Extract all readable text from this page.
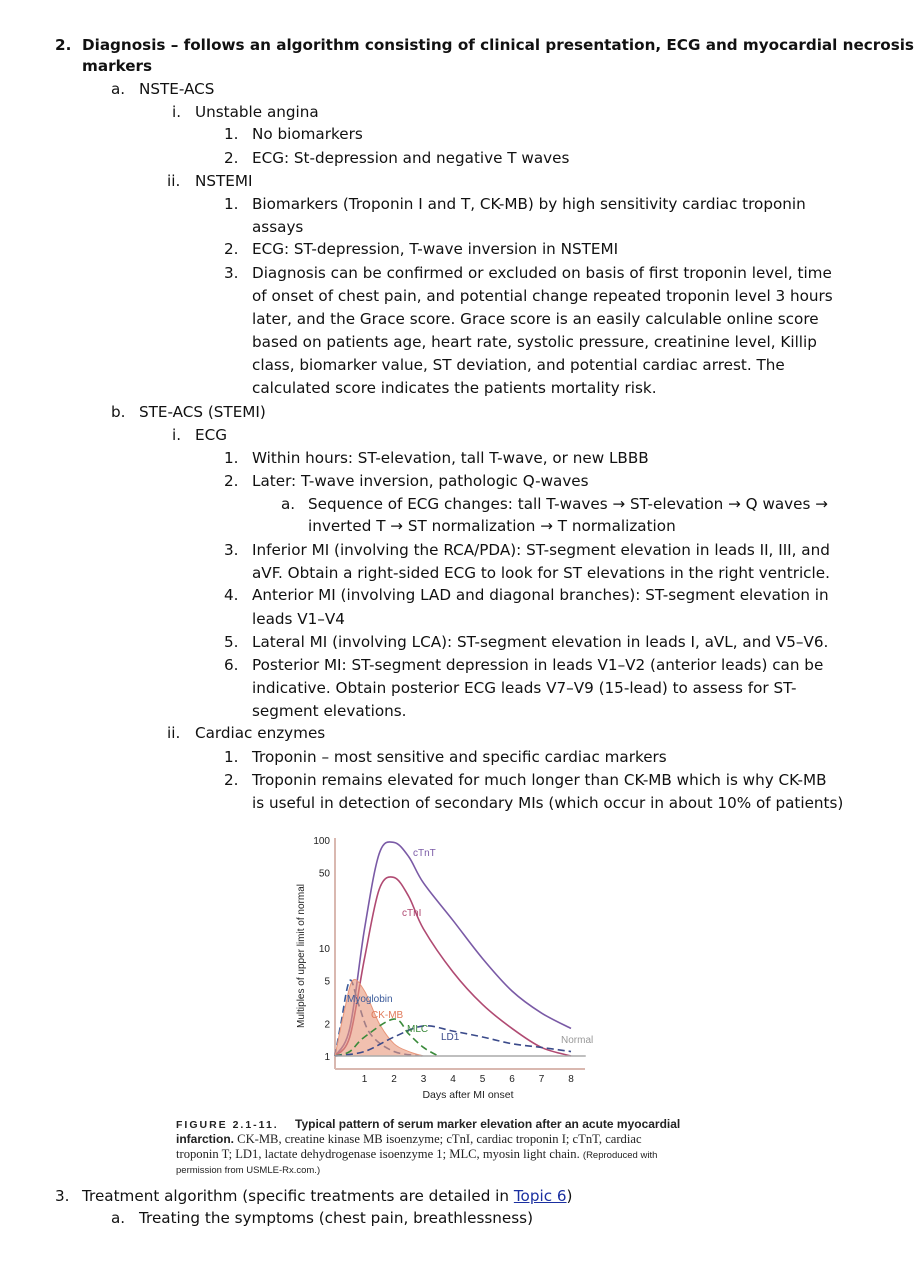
2. Diagnosis – follows an algorithm consisting of clinical presentation, ECG and myocardial necrosis
markers
a. NSTE-ACS
i. Unstable angina
1. No biomarkers
2. ECG: St-depression and negative T waves
ii. NSTEMI
1. Biomarkers (Troponin I and T, CK-MB) by high sensitivity cardiac troponin
assays
2. ECG: ST-depression, T-wave inversion in NSTEMI
3. Diagnosis can be confirmed or excluded on basis of first troponin level, time
of onset of chest pain, and potential change repeated troponin level 3 hours
later, and the Grace score. Grace score is an easily calculable online score
based on patients age, heart rate, systolic pressure, creatinine level, Killip
class, biomarker value, ST deviation, and potential cardiac arrest. The
calculated score indicates the patients mortality risk.
b. STE-ACS (STEMI)
i. ECG
1. Within hours: ST-elevation, tall T-wave, or new LBBB
2. Later: T-wave inversion, pathologic Q-waves
a. Sequence of ECG changes: tall T-waves → ST-elevation → Q waves →
inverted T → ST normalization → T normalization
3. Inferior MI (involving the RCA/PDA): ST-segment elevation in leads II, III, and
aVF. Obtain a right-sided ECG to look for ST elevations in the right ventricle.
4. Anterior MI (involving LAD and diagonal branches): ST-segment elevation in
leads V1–V4
5. Lateral MI (involving LCA): ST-segment elevation in leads I, aVL, and V5–V6.
6. Posterior MI: ST-segment depression in leads V1–V2 (anterior leads) can be
indicative. Obtain posterior ECG leads V7–V9 (15-lead) to assess for ST-
segment elevations.
ii. Cardiac enzymes
1. Troponin – most sensitive and specific cardiac markers
2. Troponin remains elevated for much longer than CK-MB which is why CK-MB
is useful in detection of secondary MIs (which occur in about 10% of patients)
Multiples of upper limit of normal
Days after MI onset
100
50
10
5
2
1
1 2 3 4 5 6 7 8
cTnT
cTnI
Myoglobin
CK-MB
MLC
LD1	Normal
FIGURE 2.1-11. Typical pattern of serum marker elevation after an acute myocardial
infarction. CK-MB, creatine kinase MB isoenzyme; cTnI, cardiac troponin I; cTnT, cardiac
troponin T; LD1, lactate dehydrogenase isoenzyme 1; MLC, myosin light chain. (Reproduced with
permission from USMLE-Rx.com.)
3. Treatment algorithm (specific treatments are detailed in Topic 6)
a. Treating the symptoms (chest pain, breathlessness)
